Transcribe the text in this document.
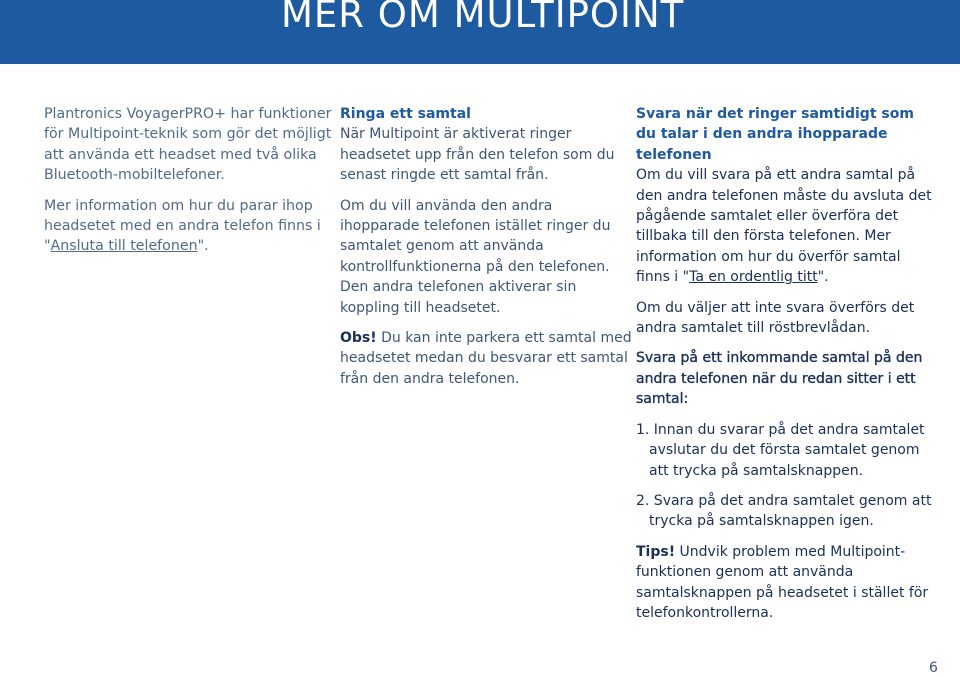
MER OM MULTIPOINT

Plantronics VoyagerPRO+ har funktioner för Multipoint-teknik som gör det möjligt att använda ett headset med två olika Bluetooth-mobiltelefoner.

Mer information om hur du parar ihop headsetet med en andra telefon finns i "Ansluta till telefonen".

Ringa ett samtal

När Multipoint är aktiverat ringer headsetet upp från den telefon som du senast ringde ett samtal från.

Om du vill använda den andra ihopparade telefonen istället ringer du samtalet genom att använda kontrollfunktionerna på den telefonen. Den andra telefonen aktiverar sin koppling till headsetet.

Obs! Du kan inte parkera ett samtal med headsetet medan du besvarar ett samtal från den andra telefonen.

Svara när det ringer samtidigt som du talar i den andra ihopparade telefonen

Om du vill svara på ett andra samtal på den andra telefonen måste du avsluta det pågående samtalet eller överföra det tillbaka till den första telefonen. Mer information om hur du överför samtal finns i "Ta en ordentlig titt".

Om du väljer att inte svara överförs det andra samtalet till röstbrevlådan.

Svara på ett inkommande samtal på den andra telefonen när du redan sitter i ett samtal:

1. Innan du svarar på det andra samtalet avslutar du det första samtalet genom att trycka på samtalsknappen.

2. Svara på det andra samtalet genom att trycka på samtalsknappen igen.

Tips! Undvik problem med Multipoint-funktionen genom att använda samtalsknappen på headsetet i stället för telefonkontrollerna.

6
